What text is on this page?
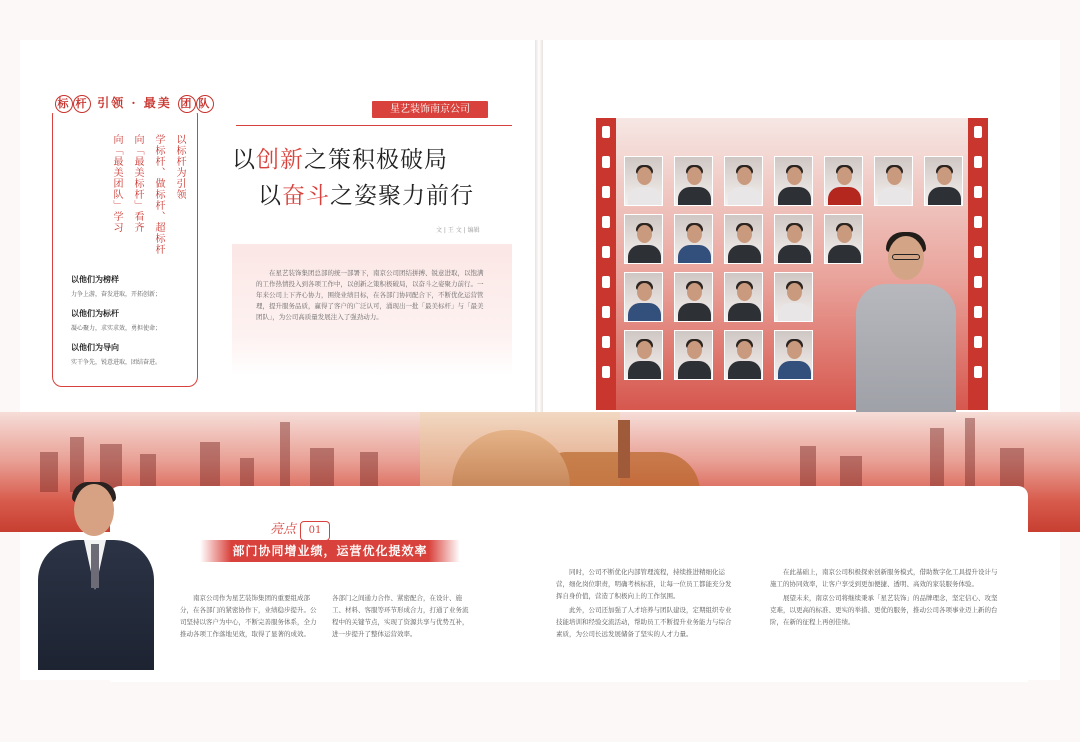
标 杆 引领 · 最美 团 队
以标杆为引领
学标杆、做标杆、超标杆
向「最美标杆」看齐
向「最美团队」学习
以他们为榜样
力争上游，奋发进取，开拓创新；
以他们为标杆
凝心聚力，求实求效，勇担使命；
以他们为导向
实干争先，锐意进取，团结奋进。
星艺装饰南京公司
以创新之策积极破局
以奋斗之姿聚力前行
文 | 王 文 | 编辑

在星艺装饰集团总部的统一部署下，南京公司团结拼搏、锐意进取，以饱满的工作热情投入到各项工作中，以创新之策积极破局，以奋斗之姿聚力前行。一年来公司上下齐心协力，围绕业绩目标，在各部门协同配合下，不断优化运营管理，提升服务品质，赢得了客户的广泛认可，涌现出一批「最美标杆」与「最美团队」，为公司高质量发展注入了强劲动力。

亮点 01
部门协同增业绩，运营优化提效率

南京公司作为星艺装饰集团的重要组成部分，在各部门的紧密协作下，业绩稳步提升。公司坚持以客户为中心，不断完善服务体系，全力推动各项工作落地见效，取得了显著的成效。

各部门之间通力合作、紧密配合，在设计、施工、材料、客服等环节形成合力，打通了业务流程中的关键节点，实现了资源共享与优势互补，进一步提升了整体运营效率。

同时，公司不断优化内部管理流程，持续推进精细化运营，细化岗位职责，明确考核标准，让每一位员工都能充分发挥自身价值，营造了积极向上的工作氛围。

此外，公司还加强了人才培养与团队建设，定期组织专业技能培训和经验交流活动，帮助员工不断提升业务能力与综合素质，为公司长远发展储备了坚实的人才力量。

在此基础上，南京公司积极探索创新服务模式，借助数字化工具提升设计与施工的协同效率，让客户享受到更加便捷、透明、高效的家装服务体验。

展望未来，南京公司将继续秉承「星艺装饰」的品牌理念，坚定信心、攻坚克难，以更高的标准、更实的举措、更优的服务，推动公司各项事业迈上新的台阶，在新的征程上再创佳绩。
